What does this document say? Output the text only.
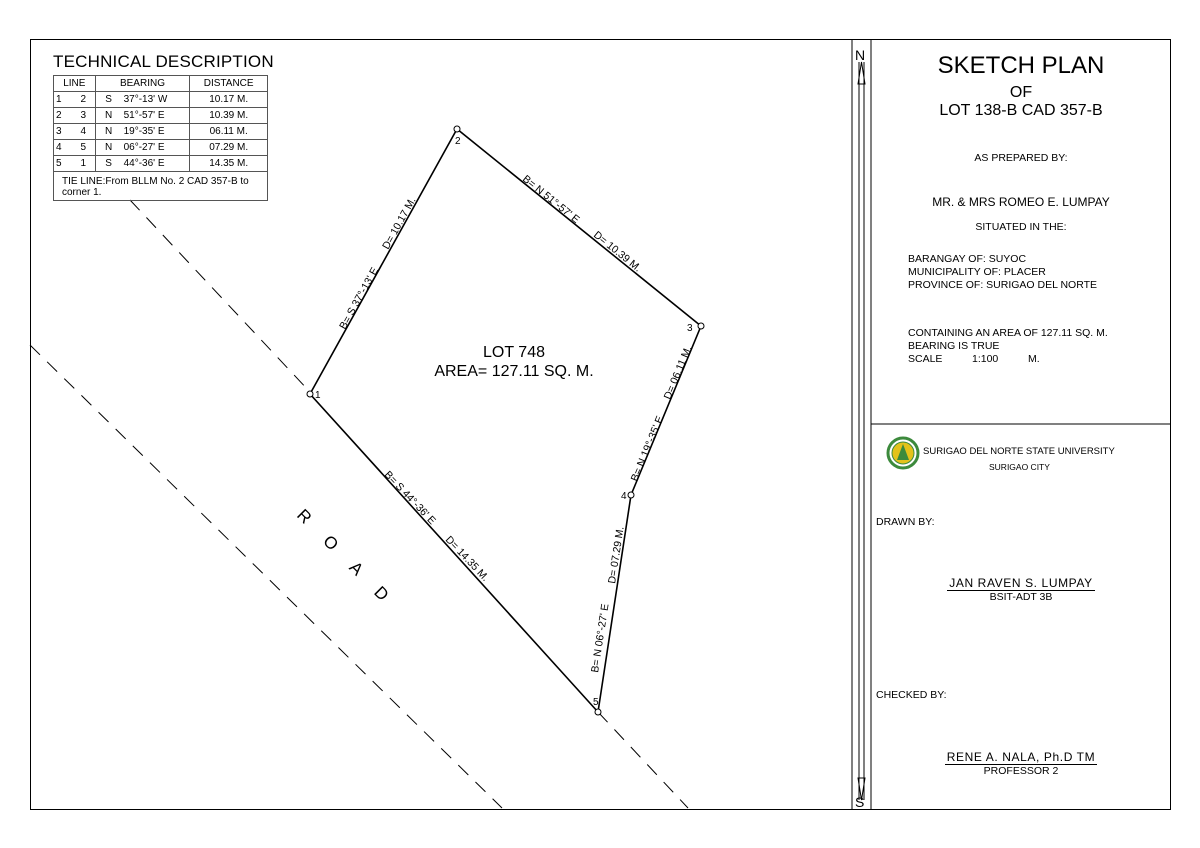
N
S
1
2
3
4
5
B= S 37°-13' E
D= 10.17 M.	B= N 51°-57' E
D= 10.39 M.
B= N 19°-35' E
D= 06.11 M.
B= N 06°-27' E
D= 07.29 M.
B= S 44°-36' E
D= 14.35 M.
LOT 748
AREA= 127.11 SQ. M.
R O A D
TECHNICAL DESCRIPTION
LINE		BEARING		DISTANCE
1	2	S	37°-13' W	10.17 M.
2	3	N	51°-57' E	10.39 M.
3	4	N	19°-35' E	06.11 M.
4	5	N	06°-27' E	07.29 M.
5	1	S	44°-36' E	14.35 M.
TIE LINE:From BLLM No. 2 CAD 357-B to corner 1.				
SKETCH PLAN
OF
LOT 138-B CAD 357-B
AS PREPARED BY:
MR. & MRS ROMEO E. LUMPAY
SITUATED IN THE:
BARANGAY OF: SUYOC
MUNICIPALITY OF: PLACER
PROVINCE OF: SURIGAO DEL NORTE
CONTAINING AN AREA OF 127.11 SQ. M.
BEARING IS TRUE
SCALE	1:100	M.
SURIGAO DEL NORTE STATE UNIVERSITY
SURIGAO CITY
DRAWN BY:
JAN RAVEN S. LUMPAY
BSIT-ADT 3B
CHECKED BY:
RENE A. NALA, Ph.D TM
PROFESSOR 2
